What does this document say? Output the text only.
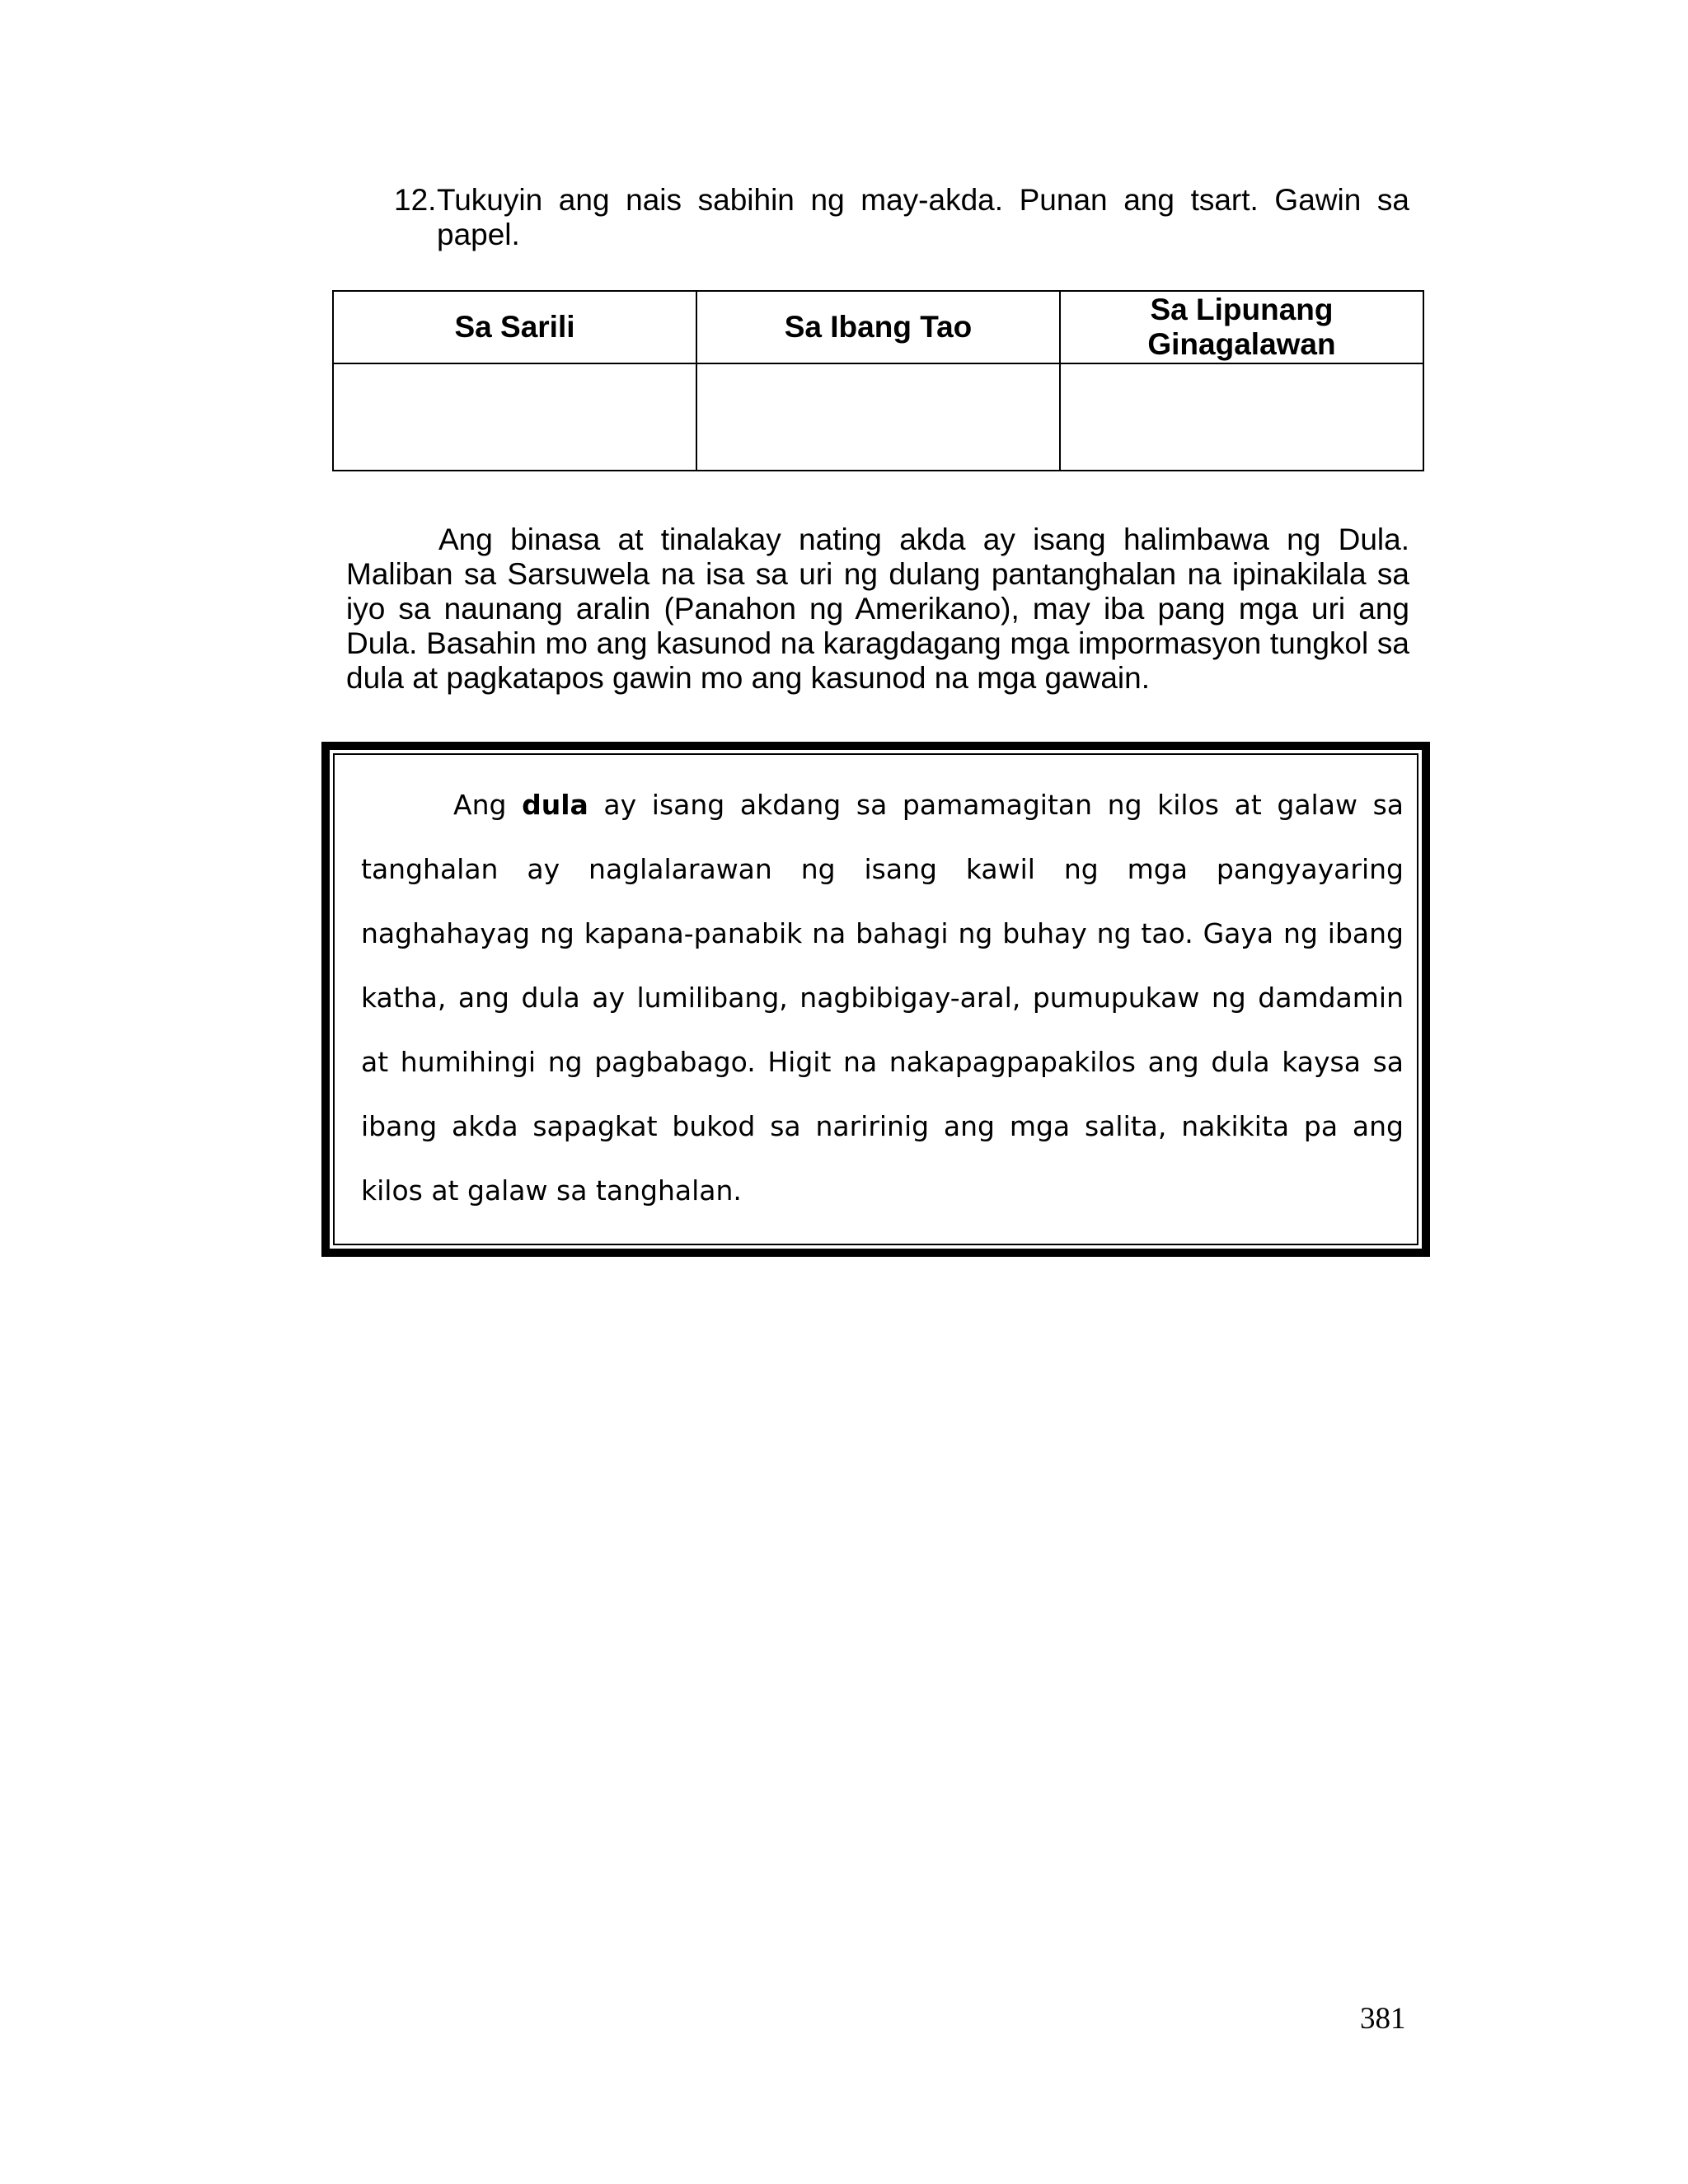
12. Tukuyin ang nais sabihin ng may-akda. Punan ang tsart. Gawin sa papel.
Sa Sarili	Sa Ibang Tao	Sa Lipunang Ginagalawan

Ang binasa at tinalakay nating akda ay isang halimbawa ng Dula. Maliban sa Sarsuwela na isa sa uri ng dulang pantanghalan na ipinakilala sa iyo sa naunang aralin (Panahon ng Amerikano), may iba pang mga uri ang Dula. Basahin mo ang kasunod na karagdagang mga impormasyon tungkol sa dula at pagkatapos gawin mo ang kasunod na mga gawain.

Ang dula ay isang akdang sa pamamagitan ng kilos at galaw sa tanghalan ay naglalarawan ng isang kawil ng mga pangyayaring naghahayag ng kapana-panabik na bahagi ng buhay ng tao. Gaya ng ibang katha, ang dula ay lumilibang, nagbibigay-aral, pumupukaw ng damdamin at humihingi ng pagbabago. Higit na nakapagpapakilos ang dula kaysa sa ibang akda sapagkat bukod sa naririnig ang mga salita, nakikita pa ang kilos at galaw sa tanghalan.
381
